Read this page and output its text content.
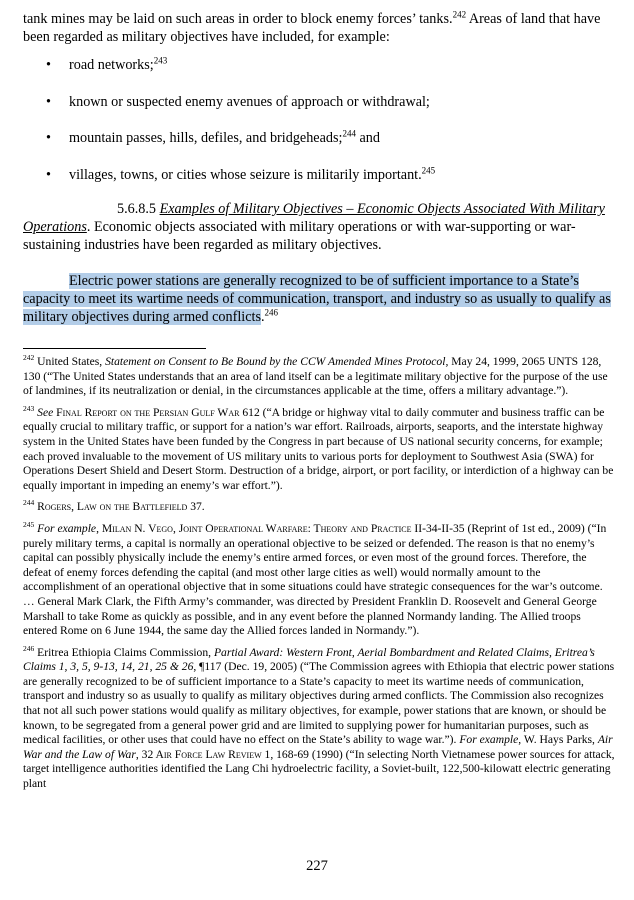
tank mines may be laid on such areas in order to block enemy forces’ tanks.$^{242}$ Areas of land that have been regarded as military objectives have included, for example:

• road networks;$^{243}$
• known or suspected enemy avenues of approach or withdrawal;
• mountain passes, hills, defiles, and bridgeheads;$^{244}$ and
• villages, towns, or cities whose seizure is militarily important.$^{245}$

5.6.8.5 Examples of Military Objectives – Economic Objects Associated With Military Operations. Economic objects associated with military operations or with war-supporting or war-sustaining industries have been regarded as military objectives.

Electric power stations are generally recognized to be of sufficient importance to a State’s capacity to meet its wartime needs of communication, transport, and industry so as usually to qualify as military objectives during armed conflicts.$^{246}$

$^{242}$ United States, Statement on Consent to Be Bound by the CCW Amended Mines Protocol, May 24, 1999, 2065 UNTS 128, 130 (“The United States understands that an area of land itself can be a legitimate military objective for the purpose of the use of landmines, if its neutralization or denial, in the circumstances applicable at the time, offers a military advantage.”).

$^{243}$ See Final Report on the Persian Gulf War 612 (“A bridge or highway vital to daily commuter and business traffic can be equally crucial to military traffic, or support for a nation’s war effort. Railroads, airports, seaports, and the interstate highway system in the United States have been funded by the Congress in part because of US national security concerns, for example; each proved invaluable to the movement of US military units to various ports for deployment to Southwest Asia (SWA) for Operations Desert Shield and Desert Storm. Destruction of a bridge, airport, or port facility, or interdiction of a highway can be equally important in impeding an enemy’s war effort.”).

$^{244}$ Rogers, Law on the Battlefield 37.

$^{245}$ For example, Milan N. Vego, Joint Operational Warfare: Theory and Practice II-34-II-35 (Reprint of 1st ed., 2009) (“In purely military terms, a capital is normally an operational objective to be seized or defended. The reason is that no enemy’s capital can possibly physically include the enemy’s entire armed forces, or even most of the ground forces. Therefore, the defeat of enemy forces defending the capital (and most other large cities as well) would normally amount to the accomplishment of an operational objective that in some situations could have strategic consequences for the war’s outcome. … General Mark Clark, the Fifth Army’s commander, was directed by President Franklin D. Roosevelt and General George Marshall to take Rome as quickly as possible, and in any event before the planned Normandy landing. The Allied troops entered Rome on 6 June 1944, the same day the Allied forces landed in Normandy.”).

$^{246}$ Eritrea Ethiopia Claims Commission, Partial Award: Western Front, Aerial Bombardment and Related Claims, Eritrea’s Claims 1, 3, 5, 9-13, 14, 21, 25 & 26, ¶117 (Dec. 19, 2005) (“The Commission agrees with Ethiopia that electric power stations are generally recognized to be of sufficient importance to a State’s capacity to meet its wartime needs of communication, transport and industry so as usually to qualify as military objectives during armed conflicts. The Commission also recognizes that not all such power stations would qualify as military objectives, for example, power stations that are known, or should be known, to be segregated from a general power grid and are limited to supplying power for humanitarian purposes, such as medical facilities, or other uses that could have no effect on the State’s ability to wage war.”). For example, W. Hays Parks, Air War and the Law of War, 32 Air Force Law Review 1, 168-69 (1990) (“In selecting North Vietnamese power sources for attack, target intelligence authorities identified the Lang Chi hydroelectric facility, a Soviet-built, 122,500-kilowatt electric generating plant

227
